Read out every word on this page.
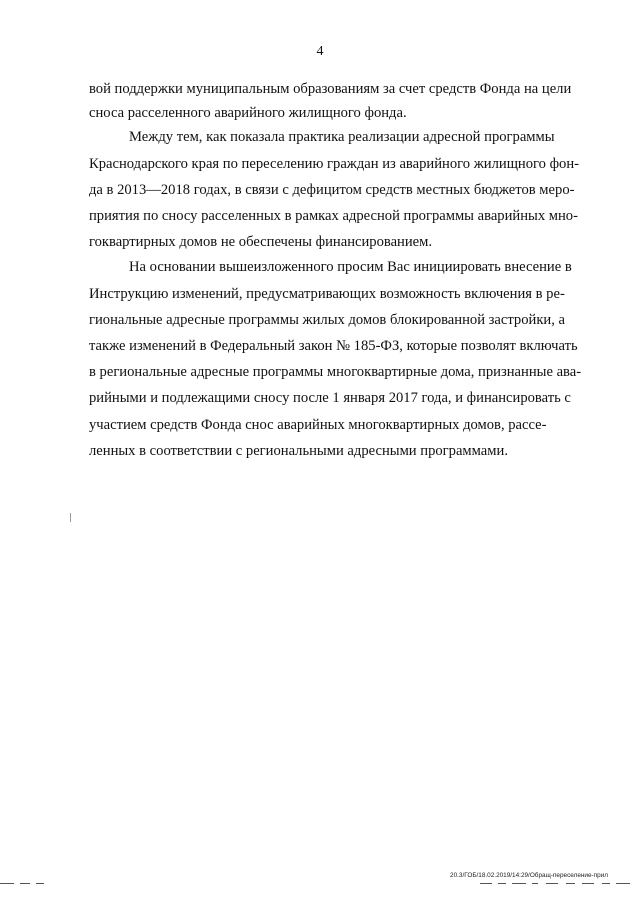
4
вой поддержки муниципальным образованиям за счет средств Фонда на цели
сноса расселенного аварийного жилищного фонда.
Между тем, как показала практика реализации адресной программы
Краснодарского края по переселению граждан из аварийного жилищного фон-
да в 2013—2018 годах, в связи с дефицитом средств местных бюджетов меро-
приятия по сносу расселенных в рамках адресной программы аварийных мно-
гоквартирных домов не обеспечены финансированием.
На основании вышеизложенного просим Вас инициировать внесение в
Инструкцию изменений, предусматривающих возможность включения в ре-
гиональные адресные программы жилых домов блокированной застройки, а
также изменений в Федеральный закон № 185-ФЗ, которые позволят включать
в региональные адресные программы многоквартирные дома, признанные ава-
рийными и подлежащими сносу после 1 января 2017 года, и финансировать с
участием средств Фонда снос аварийных многоквартирных домов, рассе-
ленных в соответствии с региональными адресными программами.
20.3/ГОБ/18.02.2019/14:29/Обращ-переселение-прил
